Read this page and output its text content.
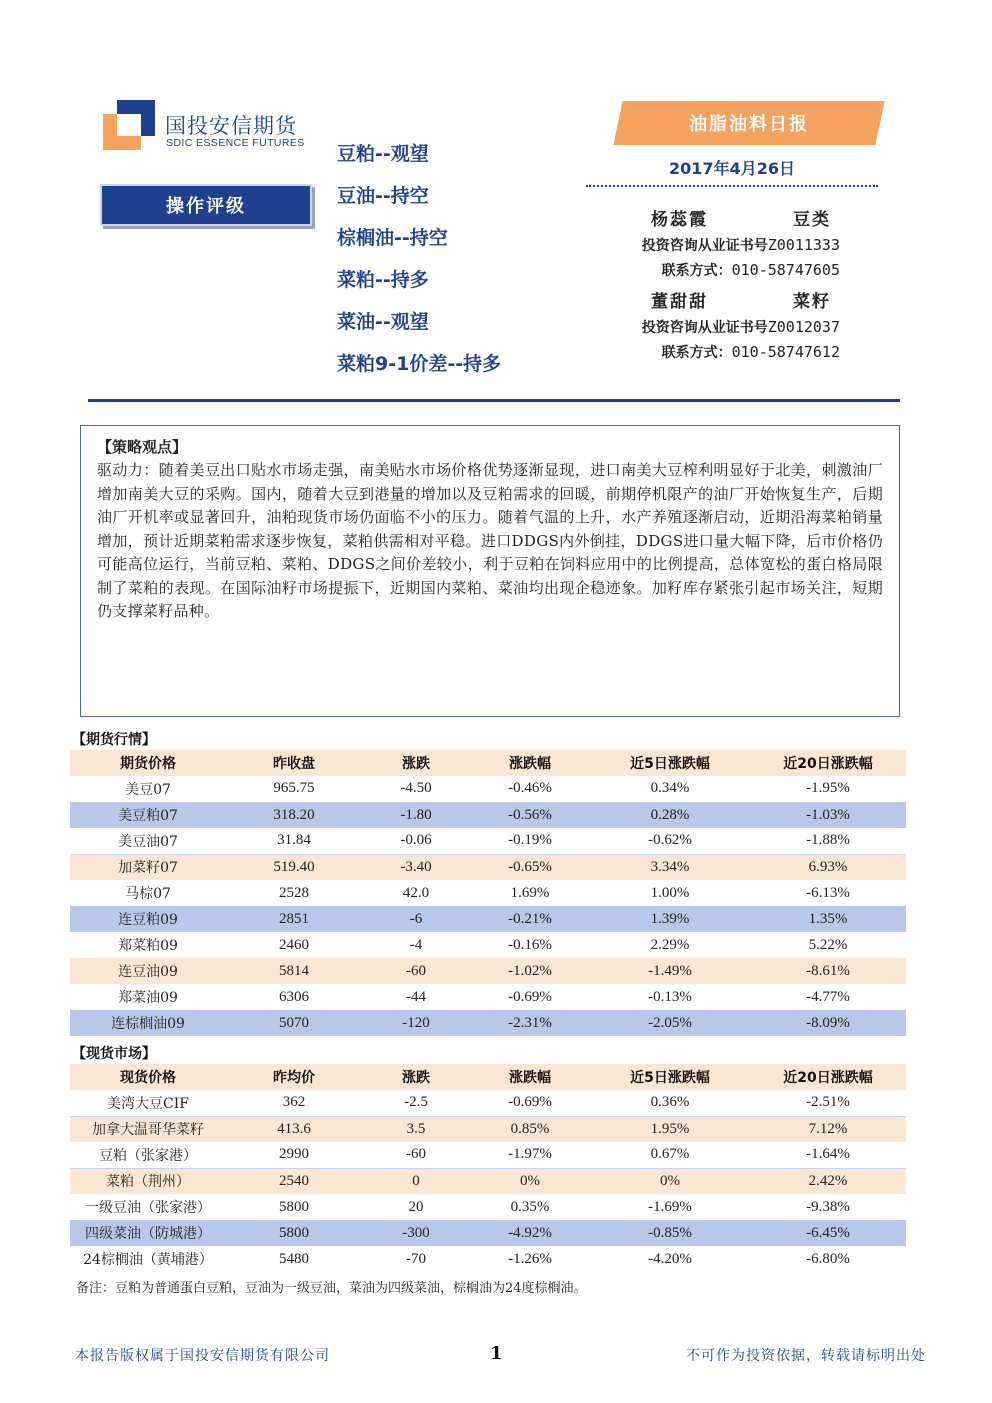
国投安信期货
SDIC ESSENCE FUTURES
操作评级
豆粕--观望
豆油--持空
棕榈油--持空
菜粕--持多
菜油--观望
菜粕9-1价差--持多
油脂油料日报
2017年4月26日
杨蕊霞	豆类
投资咨询从业证书号Z0011333
联系方式：010-58747605
董甜甜	菜籽
投资咨询从业证书号Z0012037
联系方式：010-58747612
【策略观点】
驱动力：随着美豆出口贴水市场走强，南美贴水市场价格优势逐渐显现，进口南美大豆榨利明显好于北美，刺激油厂增加南美大豆的采购。国内，随着大豆到港量的增加以及豆粕需求的回暖，前期停机限产的油厂开始恢复生产，后期油厂开机率或显著回升，油粕现货市场仍面临不小的压力。随着气温的上升，水产养殖逐渐启动，近期沿海菜粕销量增加，预计近期菜粕需求逐步恢复，菜粕供需相对平稳。进口DDGS内外倒挂，DDGS进口量大幅下降，后市价格仍可能高位运行，当前豆粕、菜粕、DDGS之间价差较小，利于豆粕在饲料应用中的比例提高，总体宽松的蛋白格局限制了菜粕的表现。在国际油籽市场提振下，近期国内菜粕、菜油均出现企稳迹象。加籽库存紧张引起市场关注，短期仍支撑菜籽品种。
【期货行情】
期货价格	昨收盘	涨跌	涨跌幅	近5日涨跌幅	近20日涨跌幅
美豆07	965.75	-4.50	-0.46%	0.34%	-1.95%
美豆粕07	318.20	-1.80	-0.56%	0.28%	-1.03%
美豆油07	31.84	-0.06	-0.19%	-0.62%	-1.88%
加菜籽07	519.40	-3.40	-0.65%	3.34%	6.93%
马棕07	2528	42.0	1.69%	1.00%	-6.13%
连豆粕09	2851	-6	-0.21%	1.39%	1.35%
郑菜粕09	2460	-4	-0.16%	2.29%	5.22%
连豆油09	5814	-60	-1.02%	-1.49%	-8.61%
郑菜油09	6306	-44	-0.69%	-0.13%	-4.77%
连棕榈油09	5070	-120	-2.31%	-2.05%	-8.09%
【现货市场】
现货价格	昨均价	涨跌	涨跌幅	近5日涨跌幅	近20日涨跌幅
美湾大豆CIF	362	-2.5	-0.69%	0.36%	-2.51%
加拿大温哥华菜籽	413.6	3.5	0.85%	1.95%	7.12%
豆粕（张家港）	2990	-60	-1.97%	0.67%	-1.64%
菜粕（荆州）	2540	0	0%	0%	2.42%
一级豆油（张家港）	5800	20	0.35%	-1.69%	-9.38%
四级菜油（防城港）	5800	-300	-4.92%	-0.85%	-6.45%
24棕榈油（黄埔港）	5480	-70	-1.26%	-4.20%	-6.80%
备注：豆粕为普通蛋白豆粕，豆油为一级豆油，菜油为四级菜油，棕榈油为24度棕榈油。
本报告版权属于国投安信期货有限公司	1	不可作为投资依据，转载请标明出处
